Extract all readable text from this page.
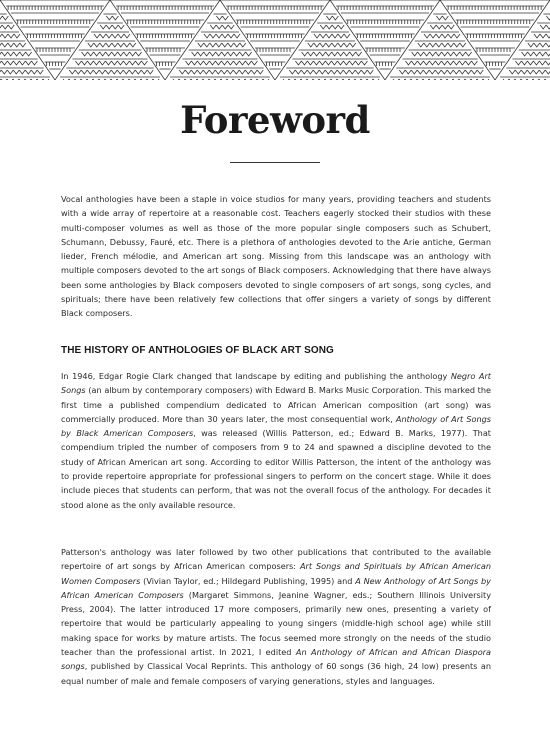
Foreword

Vocal anthologies have been a staple in voice studios for many years, providing teachers and students with a wide array of repertoire at a reasonable cost. Teachers eagerly stocked their studios with these multi-composer volumes as well as those of the more popular single composers such as Schubert, Schumann, Debussy, Fauré, etc. There is a plethora of anthologies devoted to the Arie antiche, German lieder, French mélodie, and American art song. Missing from this landscape was an anthology with multiple composers devoted to the art songs of Black composers. Acknowledging that there have always been some anthologies by Black composers devoted to single composers of art songs, song cycles, and spirituals; there have been relatively few collections that offer singers a variety of songs by different Black composers.

THE HISTORY OF ANTHOLOGIES OF BLACK ART SONG

In 1946, Edgar Rogie Clark changed that landscape by editing and publishing the anthology Negro Art Songs (an album by contemporary composers) with Edward B. Marks Music Corporation. This marked the first time a published compendium dedicated to African American composition (art song) was commercially produced. More than 30 years later, the most consequential work, Anthology of Art Songs by Black American Composers, was released (Willis Patterson, ed.; Edward B. Marks, 1977). That compendium tripled the number of composers from 9 to 24 and spawned a discipline devoted to the study of African American art song. According to editor Willis Patterson, the intent of the anthology was to provide repertoire appropriate for professional singers to perform on the concert stage. While it does include pieces that students can perform, that was not the overall focus of the anthology. For decades it stood alone as the only available resource.

Patterson's anthology was later followed by two other publications that contributed to the available repertoire of art songs by African American composers: Art Songs and Spirituals by African American Women Composers (Vivian Taylor, ed.; Hildegard Publishing, 1995) and A New Anthology of Art Songs by African American Composers (Margaret Simmons, Jeanine Wagner, eds.; Southern Illinois University Press, 2004). The latter introduced 17 more composers, primarily new ones, presenting a variety of repertoire that would be particularly appealing to young singers (middle-high school age) while still making space for works by mature artists. The focus seemed more strongly on the needs of the studio teacher than the professional artist. In 2021, I edited An Anthology of African and African Diaspora songs, published by Classical Vocal Reprints. This anthology of 60 songs (36 high, 24 low) presents an equal number of male and female composers of varying generations, styles and languages.
